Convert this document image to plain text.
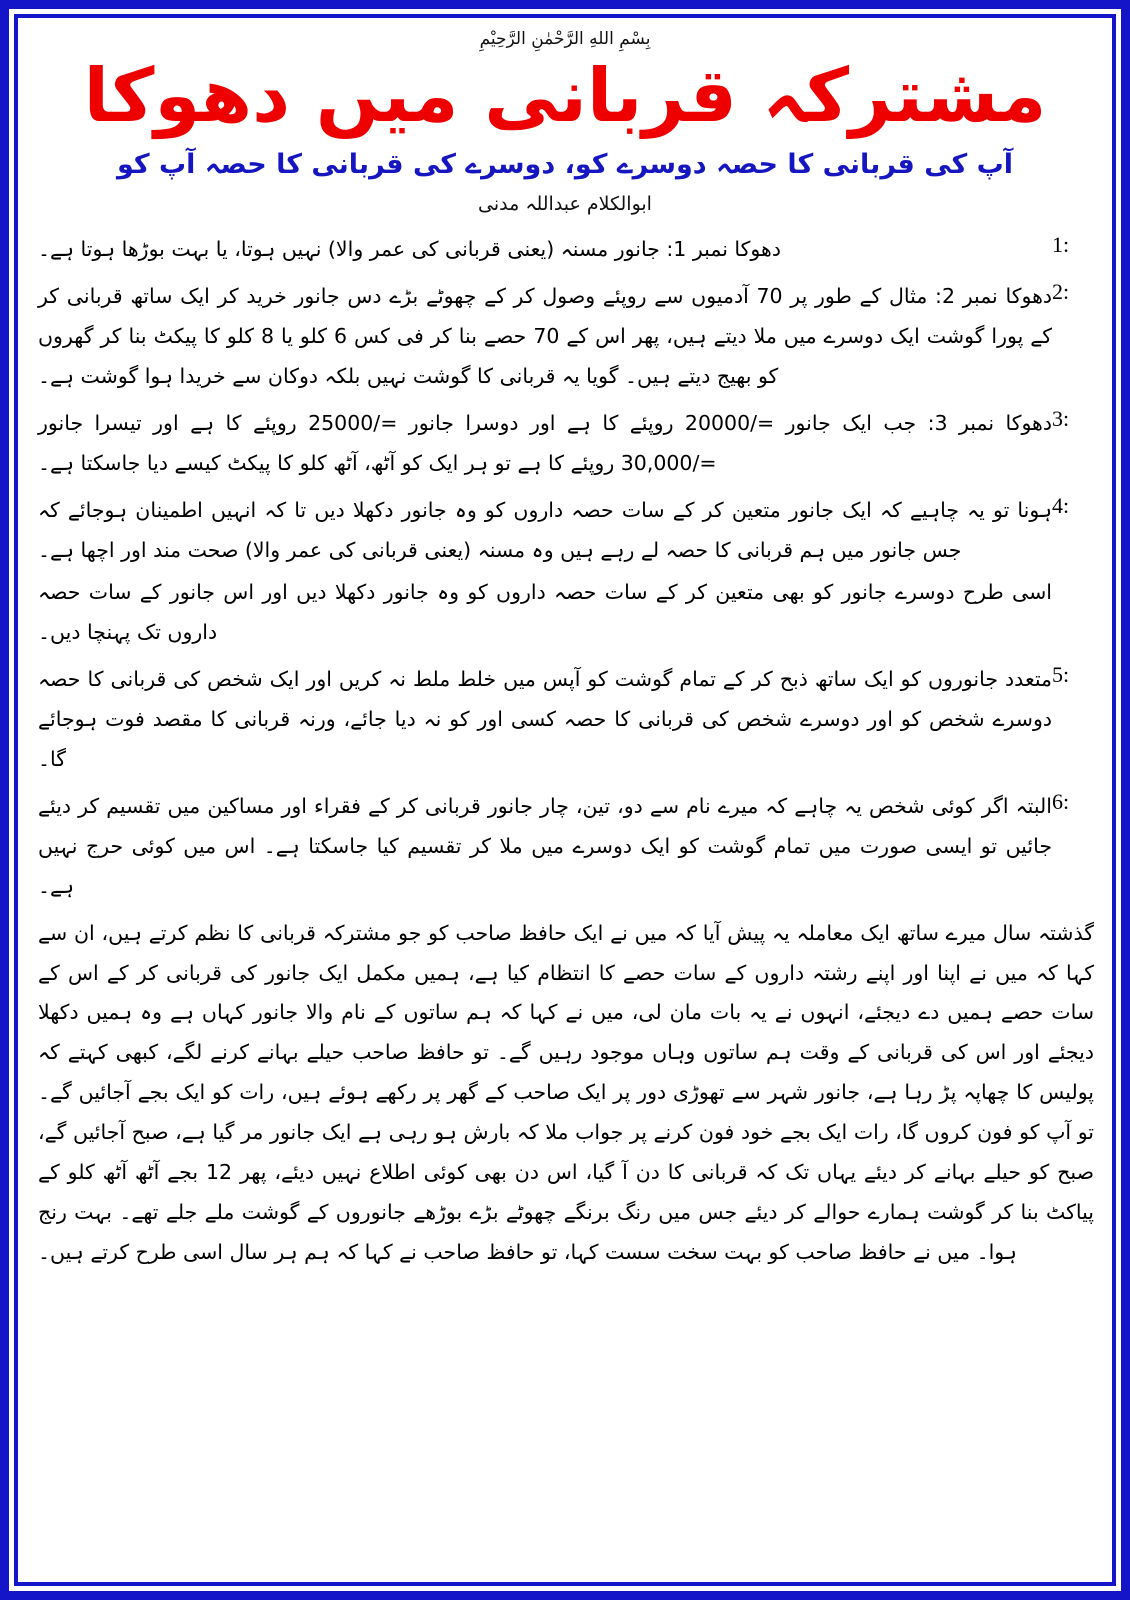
بِسْمِ اللهِ الرَّحْمٰنِ الرَّحِيْمِ
مشترکہ قربانی میں دھوکا
آپ کی قربانی کا حصہ دوسرے کو، دوسرے کی قربانی کا حصہ آپ کو
ابوالکلام عبداللہ مدنی
1:
دھوکا نمبر 1: جانور مسنہ (یعنی قربانی کی عمر والا) نہیں ہوتا، یا بہت بوڑھا ہوتا ہے۔
2:
دھوکا نمبر 2: مثال کے طور پر 70 آدمیوں سے روپئے وصول کر کے چھوٹے بڑے دس جانور خرید کر ایک ساتھ قربانی کر کے پورا گوشت ایک دوسرے میں ملا دیتے ہیں، پھر اس کے 70 حصے بنا کر فی کس 6 کلو یا 8 کلو کا پیکٹ بنا کر گھروں کو بھیج دیتے ہیں۔ گویا یہ قربانی کا گوشت نہیں بلکہ دوکان سے خریدا ہوا گوشت ہے۔
3:
دھوکا نمبر 3: جب ایک جانور =/20000 روپئے کا ہے اور دوسرا جانور =/25000 روپئے کا ہے اور تیسرا جانور =/30,000 روپئے کا ہے تو ہر ایک کو آٹھ، آٹھ کلو کا پیکٹ کیسے دیا جاسکتا ہے۔
4:
ہونا تو یہ چاہیے کہ ایک جانور متعین کر کے سات حصہ داروں کو وہ جانور دکھلا دیں تا کہ انہیں اطمینان ہوجائے کہ جس جانور میں ہم قربانی کا حصہ لے رہے ہیں وہ مسنہ (یعنی قربانی کی عمر والا) صحت مند اور اچھا ہے۔
اسی طرح دوسرے جانور کو بھی متعین کر کے سات حصہ داروں کو وہ جانور دکھلا دیں اور اس جانور کے سات حصہ داروں تک پہنچا دیں۔
5:
متعدد جانوروں کو ایک ساتھ ذبح کر کے تمام گوشت کو آپس میں خلط ملط نہ کریں اور ایک شخص کی قربانی کا حصہ دوسرے شخص کو اور دوسرے شخص کی قربانی کا حصہ کسی اور کو نہ دیا جائے، ورنہ قربانی کا مقصد فوت ہوجائے گا۔
6:
البتہ اگر کوئی شخص یہ چاہے کہ میرے نام سے دو، تین، چار جانور قربانی کر کے فقراء اور مساکین میں تقسیم کر دیئے جائیں تو ایسی صورت میں تمام گوشت کو ایک دوسرے میں ملا کر تقسیم کیا جاسکتا ہے۔ اس میں کوئی حرج نہیں ہے۔

گذشتہ سال میرے ساتھ ایک معاملہ یہ پیش آیا کہ میں نے ایک حافظ صاحب کو جو مشترکہ قربانی کا نظم کرتے ہیں، ان سے کہا کہ میں نے اپنا اور اپنے رشتہ داروں کے سات حصے کا انتظام کیا ہے، ہمیں مکمل ایک جانور کی قربانی کر کے اس کے سات حصے ہمیں دے دیجئے، انہوں نے یہ بات مان لی، میں نے کہا کہ ہم ساتوں کے نام والا جانور کہاں ہے وہ ہمیں دکھلا دیجئے اور اس کی قربانی کے وقت ہم ساتوں وہاں موجود رہیں گے۔ تو حافظ صاحب حیلے بہانے کرنے لگے، کبھی کہتے کہ پولیس کا چھاپہ پڑ رہا ہے، جانور شہر سے تھوڑی دور پر ایک صاحب کے گھر پر رکھے ہوئے ہیں، رات کو ایک بجے آجائیں گے۔ تو آپ کو فون کروں گا، رات ایک بجے خود فون کرنے پر جواب ملا کہ بارش ہو رہی ہے ایک جانور مر گیا ہے، صبح آجائیں گے، صبح کو حیلے بہانے کر دیئے یہاں تک کہ قربانی کا دن آ گیا، اس دن بھی کوئی اطلاع نہیں دیئے، پھر 12 بجے آٹھ آٹھ کلو کے پیاکٹ بنا کر گوشت ہمارے حوالے کر دیئے جس میں رنگ برنگے چھوٹے بڑے بوڑھے جانوروں کے گوشت ملے جلے تھے۔ بہت رنج ہوا۔ میں نے حافظ صاحب کو بہت سخت سست کہا، تو حافظ صاحب نے کہا کہ ہم ہر سال اسی طرح کرتے ہیں۔
